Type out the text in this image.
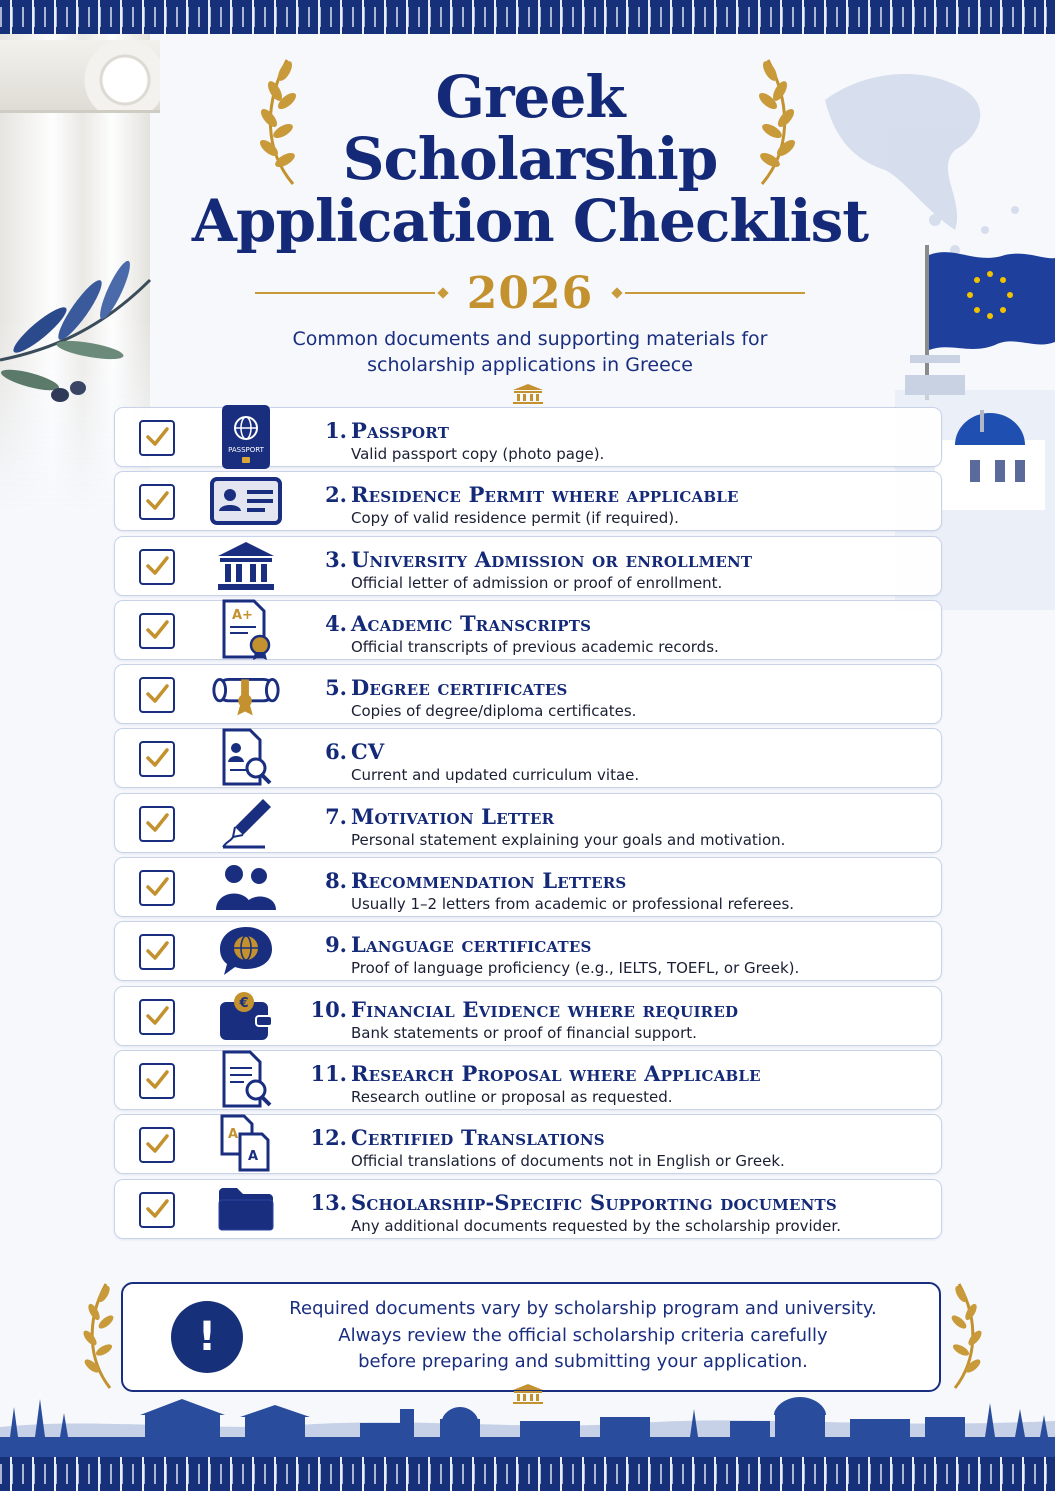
Greek
Scholarship
Application Checklist
2026
Common documents and supporting materials for
scholarship applications in Greece
PASSPORT
1. Passport
Valid passport copy (photo page).
2. Residence Permit where applicable
Copy of valid residence permit (if required).
3. University Admission or enrollment
Official letter of admission or proof of enrollment.
A+	4. Academic Transcripts
Official transcripts of previous academic records.
5. Degree certificates
Copies of degree/diploma certificates.
6. CV
Current and updated curriculum vitae.
7. Motivation Letter
Personal statement explaining your goals and motivation.
8. Recommendation Letters
Usually 1–2 letters from academic or professional referees.
9. Language certificates
Proof of language proficiency (e.g., IELTS, TOEFL, or Greek).
€	10. Financial Evidence where required
Bank statements or proof of financial support.
11. Research Proposal where Applicable
Research outline or proposal as requested.
A
A
12. Certified Translations
Official translations of documents not in English or Greek.
13. Scholarship-Specific Supporting documents
Any additional documents requested by the scholarship provider.
!
Required documents vary by scholarship program and university.
Always review the official scholarship criteria carefully
before preparing and submitting your application.
